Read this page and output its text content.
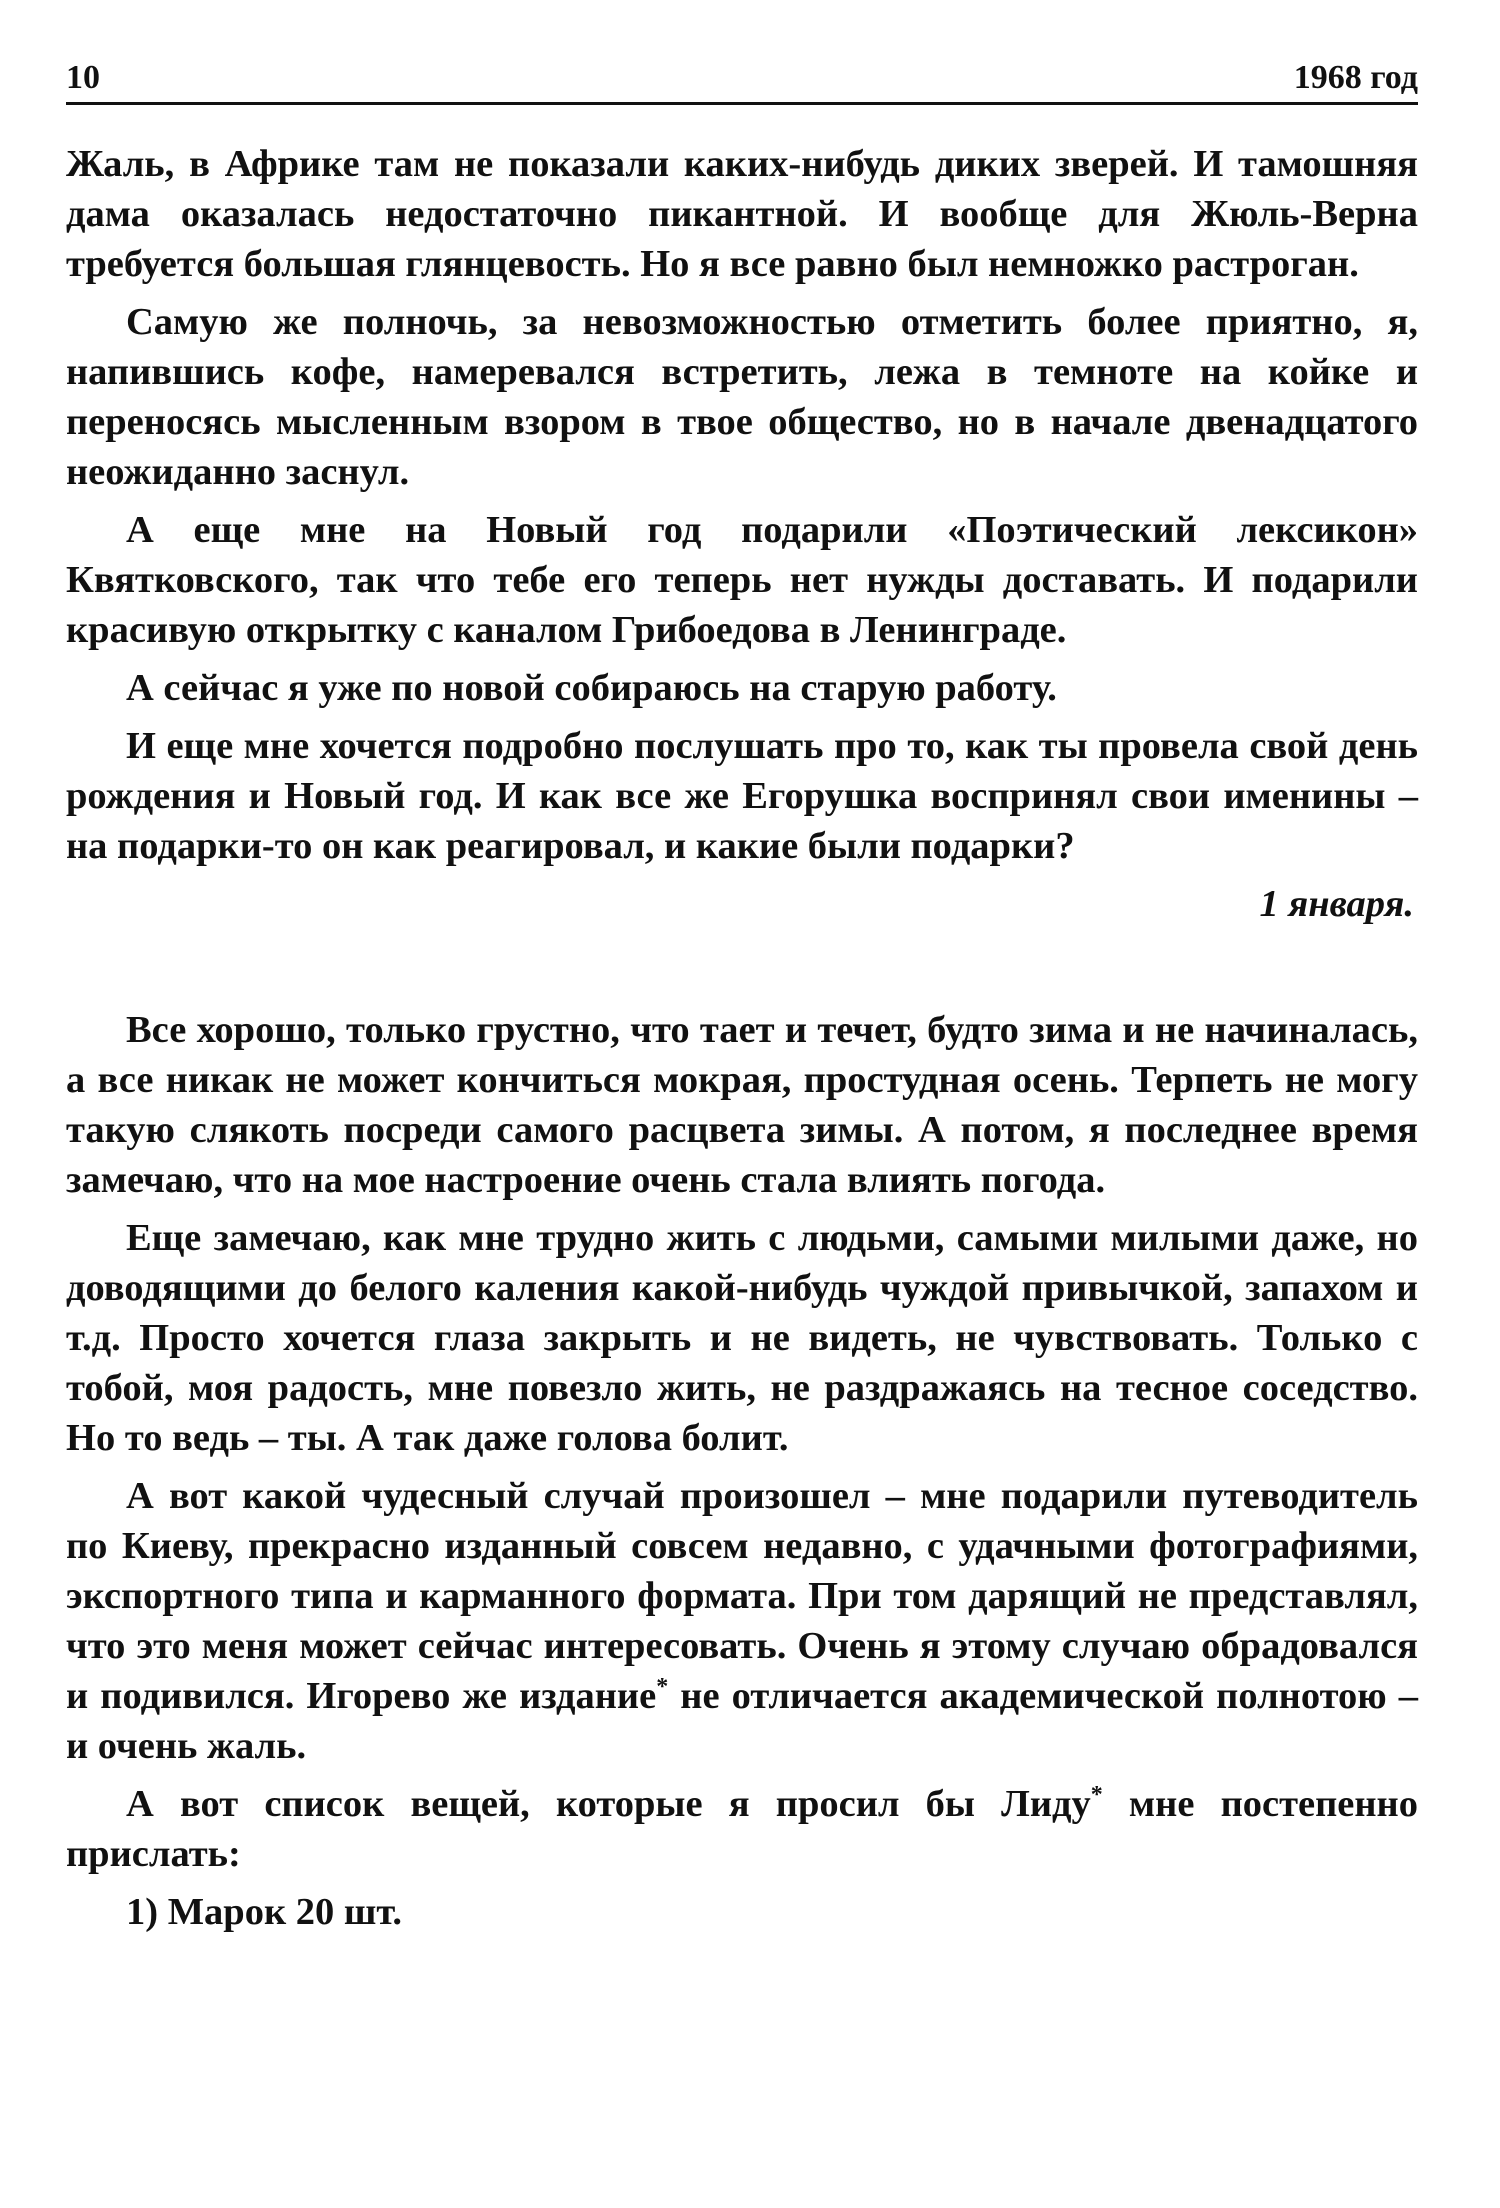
10	1968 год

Жаль, в Африке там не показали каких-нибудь диких зверей. И тамошняя дама оказалась недостаточно пикантной. И вообще для Жюль-Верна требуется большая глянцевость. Но я все равно был немножко растроган.

Самую же полночь, за невозможностью отметить более приятно, я, напившись кофе, намеревался встретить, лежа в темноте на койке и переносясь мысленным взором в твое общество, но в начале двенадцатого неожиданно заснул.

А еще мне на Новый год подарили «Поэтический лексикон» Квятковского, так что тебе его теперь нет нужды доставать. И подарили красивую открытку с каналом Грибоедова в Ленинграде.

А сейчас я уже по новой собираюсь на старую работу.

И еще мне хочется подробно послушать про то, как ты провела свой день рождения и Новый год. И как все же Егорушка воспринял свои именины – на подарки-то он как реагировал, и какие были подарки?

1 января.

Все хорошо, только грустно, что тает и течет, будто зима и не начиналась, а все никак не может кончиться мокрая, простудная осень. Терпеть не могу такую слякоть посреди самого расцвета зимы. А потом, я последнее время замечаю, что на мое настроение очень стала влиять погода.

Еще замечаю, как мне трудно жить с людьми, самыми милыми даже, но доводящими до белого каления какой-нибудь чуждой привычкой, запахом и т.д. Просто хочется глаза закрыть и не видеть, не чувствовать. Только с тобой, моя радость, мне повезло жить, не раздражаясь на тесное соседство. Но то ведь – ты. А так даже голова болит.

А вот какой чудесный случай произошел – мне подарили путеводитель по Киеву, прекрасно изданный совсем недавно, с удачными фотографиями, экспортного типа и карманного формата. При том дарящий не представлял, что это меня может сейчас интересовать. Очень я этому случаю обрадовался и подивился. Игорево же издание* не отличается академической полнотою – и очень жаль.

А вот список вещей, которые я просил бы Лиду* мне постепенно прислать:

1) Марок 20 шт.
